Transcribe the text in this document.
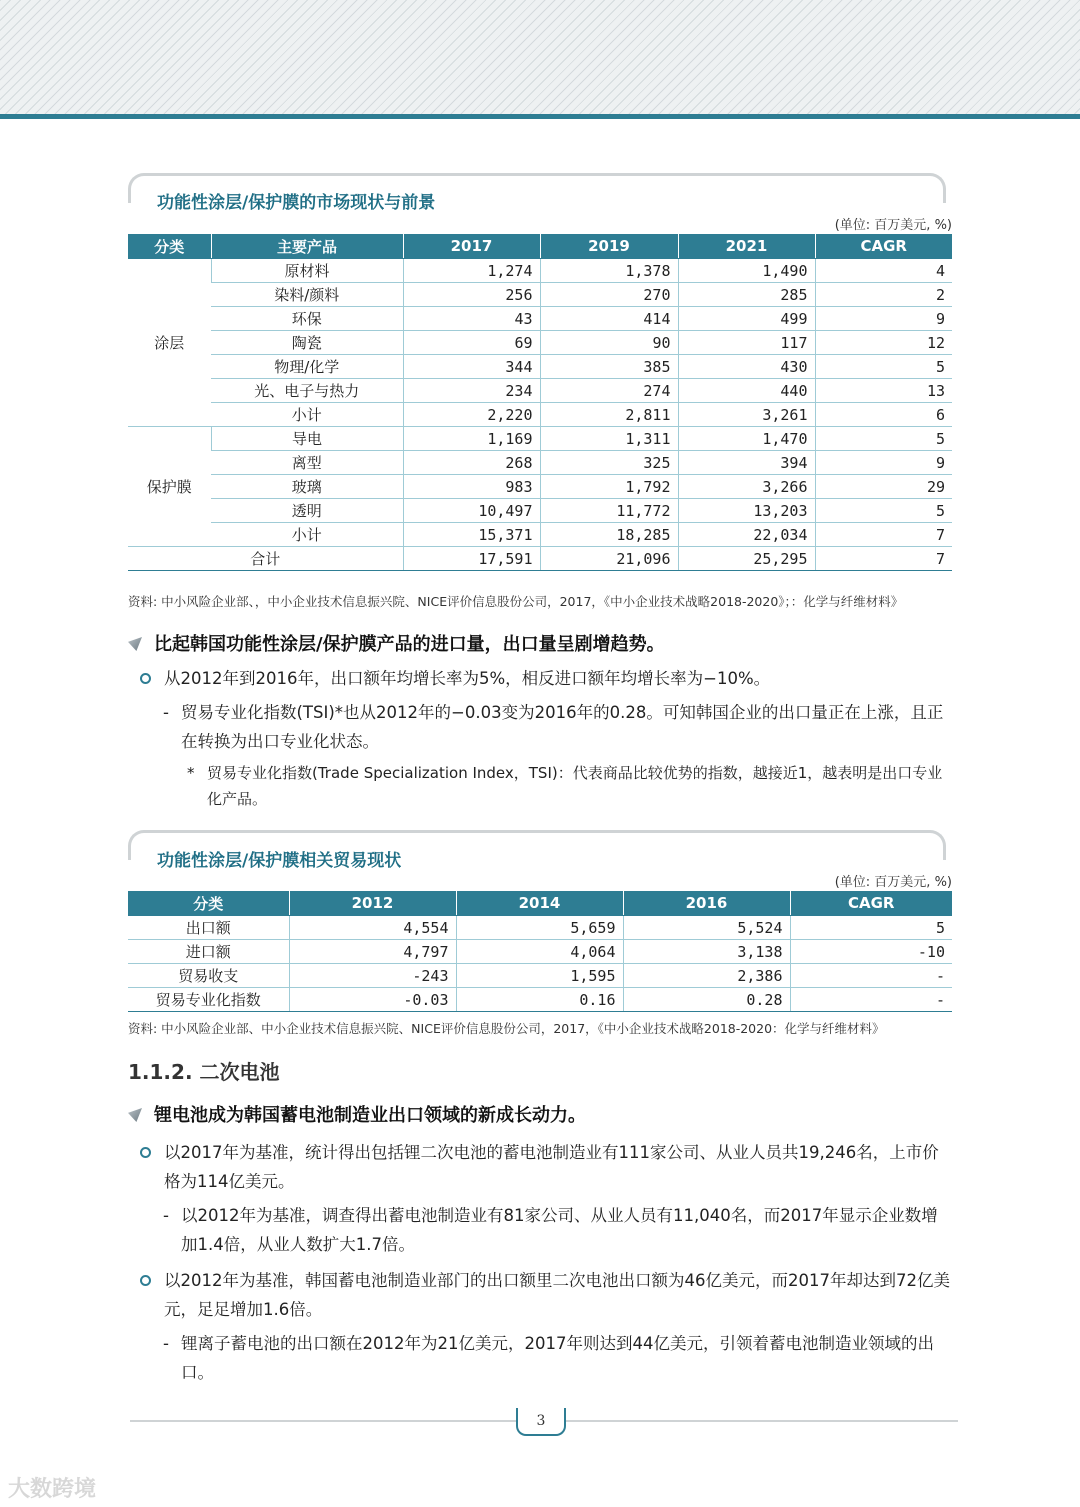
功能性涂层/保护膜的市场现状与前景
(单位: 百万美元, %)
分类	主要产品	2017	2019	2021	CAGR
涂层	原材料	1,274	1,378	1,490	4
	染料/颜料	256	270	285	2
	环保	43	414	499	9
	陶瓷	69	90	117	12
	物理/化学	344	385	430	5
	光、电子与热力	234	274	440	13
	小计	2,220	2,811	3,261	6
保护膜	导电	1,169	1,311	1,470	5
	离型	268	325	394	9
	玻璃	983	1,792	3,266	29
	透明	10,497	11,772	13,203	5
	小计	15,371	18,285	22,034	7
合计		17,591	21,096	25,295	7
资料: 中小风险企业部、，中小企业技术信息振兴院、NICE评价信息股份公司，2017，《中小企业技术战略2018-2020》；：化学与纤维材料》
比起韩国功能性涂层/保护膜产品的进口量，出口量呈剧增趋势。
从2012年到2016年，出口额年均增长率为5%，相反进口额年均增长率为−10%。
- 贸易专业化指数(TSI)*也从2012年的−0.03变为2016年的0.28。可知韩国企业的出口量正在上涨，且正在转换为出口专业化状态。
* 贸易专业化指数(Trade Specialization Index，TSI)：代表商品比较优势的指数，越接近1，越表明是出口专业化产品。
功能性涂层/保护膜相关贸易现状
(单位: 百万美元, %)
分类	2012	2014	2016	CAGR
出口额	4,554	5,659	5,524	5
进口额	4,797	4,064	3,138	-10
贸易收支	-243	1,595	2,386	-
贸易专业化指数	-0.03	0.16	0.28	-
资料: 中小风险企业部、中小企业技术信息振兴院、NICE评价信息股份公司，2017，《中小企业技术战略2018-2020：化学与纤维材料》
1.1.2. 二次电池
锂电池成为韩国蓄电池制造业出口领域的新成长动力。
以2017年为基准，统计得出包括锂二次电池的蓄电池制造业有111家公司、从业人员共19,246名，上市价格为114亿美元。
- 以2012年为基准，调查得出蓄电池制造业有81家公司、从业人员有11,040名，而2017年显示企业数增加1.4倍，从业人数扩大1.7倍。
以2012年为基准，韩国蓄电池制造业部门的出口额里二次电池出口额为46亿美元，而2017年却达到72亿美元，足足增加1.6倍。
- 锂离子蓄电池的出口额在2012年为21亿美元，2017年则达到44亿美元，引领着蓄电池制造业领域的出口。
3
大数跨境
